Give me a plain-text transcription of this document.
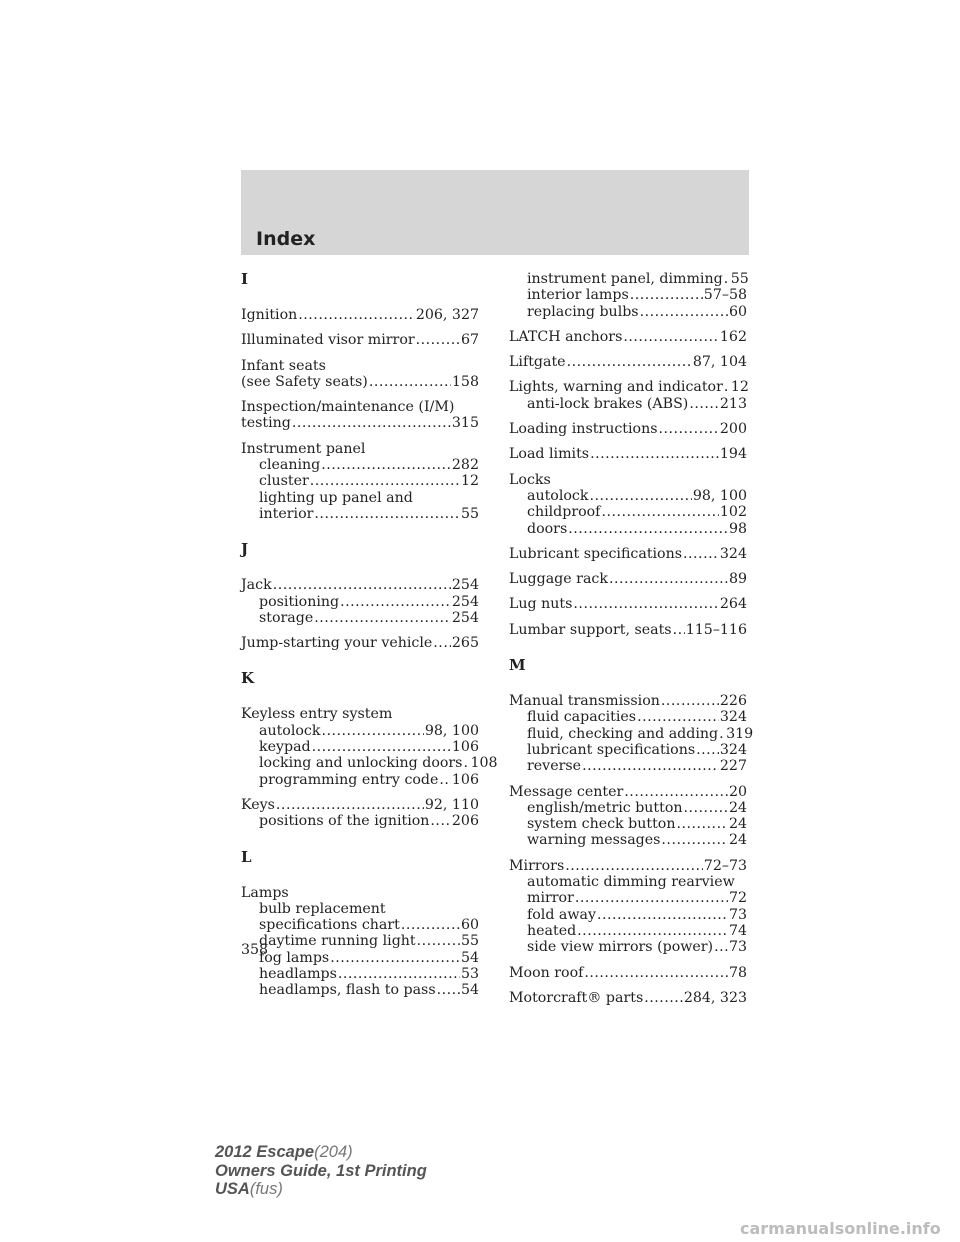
Index
I
Ignition .....	206, 327
Illuminated visor mirror .....	67
Infant seats
(see Safety seats) .....	158
Inspection/maintenance (I/M)
testing .....	315
Instrument panel
cleaning .....	282
cluster .....	12
lighting up panel and
interior .....	55
J
Jack .....	254
positioning .....	254
storage .....	254
Jump-starting your vehicle ..... 265
K
Keyless entry system
autolock .....	98, 100
keypad .....	106
locking and unlocking doors ..... 108
programming entry code ..... 106
Keys .....	92, 110
positions of the ignition ..... 206
L
Lamps
bulb replacement
specifications chart .....	60
daytime running light .....	55
fog lamps .....	54
headlamps .....	53
headlamps, flash to pass ..... 54
instrument panel, dimming ..... 55
interior lamps .....	57–58
replacing bulbs .....	60
LATCH anchors .....	162
Liftgate .....	87, 104
Lights, warning and indicator ..... 12
anti-lock brakes (ABS) ..... 213
Loading instructions .....	200
Load limits .....	194
Locks
autolock .....	98, 100
childproof .....	102
doors .....	98
Lubricant specifications .....	324
Luggage rack .....	89
Lug nuts .....	264
Lumbar support, seats ..... 115–116
M
Manual transmission .....	226
fluid capacities .....	324
fluid, checking and adding ..... 319
lubricant specifications ..... 324
reverse .....	227
Message center .....	20
english/metric button .....	24
system check button .....	24
warning messages .....	24
Mirrors .....	72–73
automatic dimming rearview
mirror .....	72
fold away .....	73
heated .....	74
side view mirrors (power) ..... 73
Moon roof .....	78
Motorcraft® parts .....	284, 323
358
2012 Escape(204)
Owners Guide, 1st Printing
USA(fus)
carmanualsonline.info
